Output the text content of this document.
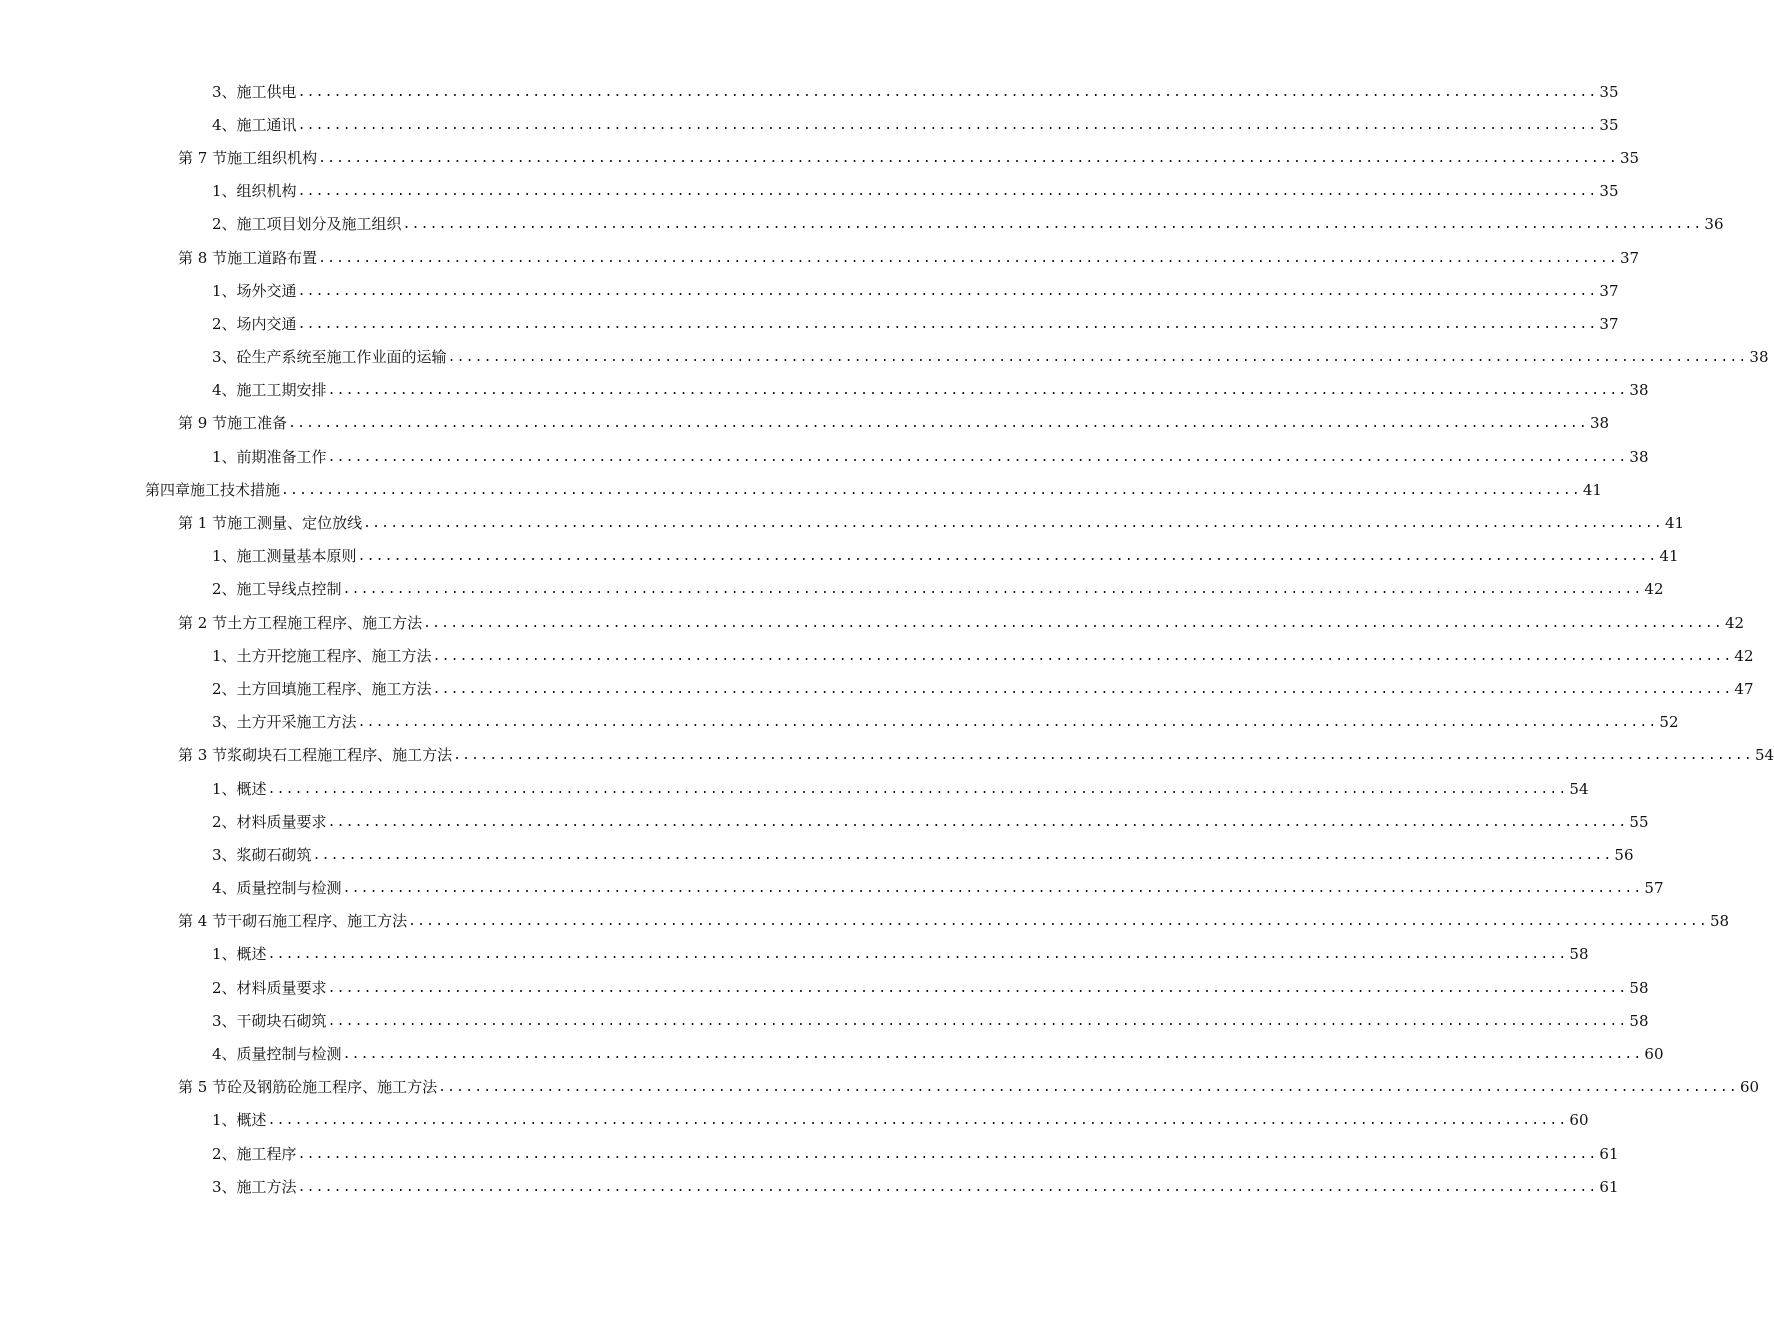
3、 施工供电 ................................................................................................................................................ 35
4、 施工通讯 ................................................................................................................................................ 35
第 7 节 施工组织机构 ................................................................................................................................................ 35
1、 组织机构 ................................................................................................................................................ 35
2、 施工项目划分及施工组织 ................................................................................................................................................ 36
第 8 节 施工道路布置 ................................................................................................................................................ 37
1、 场外交通 ................................................................................................................................................ 37
2、 场内交通 ................................................................................................................................................ 37
3、 砼生产系统至施工作业面的运输 ................................................................................................................................................ 38
4、 施工工期安排 ................................................................................................................................................ 38
第 9 节 施工准备 ................................................................................................................................................ 38
1、 前期准备工作 ................................................................................................................................................ 38
第四章 施工技术措施 ................................................................................................................................................ 41
第 1 节 施工测量、定位放线 ................................................................................................................................................ 41
1、 施工测量基本原则 ................................................................................................................................................ 41
2、 施工导线点控制 ................................................................................................................................................ 42
第 2 节 土方工程施工程序、施工方法 ................................................................................................................................................ 42
1、 土方开挖施工程序、施工方法 ................................................................................................................................................ 42
2、 土方回填施工程序、施工方法 ................................................................................................................................................ 47
3、 土方开采施工方法 ................................................................................................................................................ 52
第 3 节 浆砌块石工程施工程序、施工方法 ................................................................................................................................................ 54
1、 概述 ................................................................................................................................................ 54
2、 材料质量要求 ................................................................................................................................................ 55
3、 浆砌石砌筑 ................................................................................................................................................ 56
4、 质量控制与检测 ................................................................................................................................................ 57
第 4 节 干砌石施工程序、施工方法 ................................................................................................................................................ 58
1、 概述 ................................................................................................................................................ 58
2、 材料质量要求 ................................................................................................................................................ 58
3、 干砌块石砌筑 ................................................................................................................................................ 58
4、 质量控制与检测 ................................................................................................................................................ 60
第 5 节 砼及钢筋砼施工程序、施工方法 ................................................................................................................................................ 60
1、 概述 ................................................................................................................................................ 60
2、 施工程序 ................................................................................................................................................ 61
3、 施工方法 ................................................................................................................................................ 61
